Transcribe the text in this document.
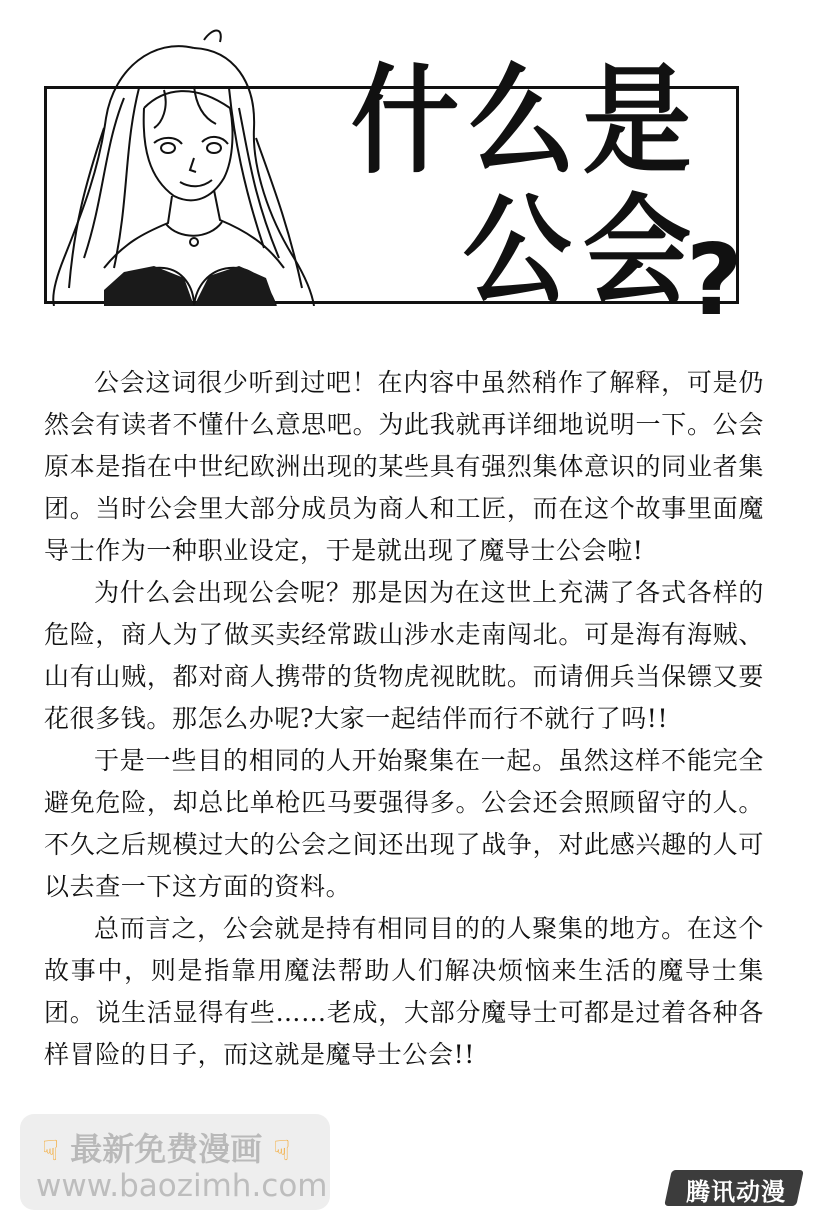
什 么 是
公 会
?

公会这词很少听到过吧！在内容中虽然稍作了解释，可是仍然会有读者不懂什么意思吧。为此我就再详细地说明一下。公会原本是指在中世纪欧洲出现的某些具有强烈集体意识的同业者集团。当时公会里大部分成员为商人和工匠，而在这个故事里面魔导士作为一种职业设定，于是就出现了魔导士公会啦!

为什么会出现公会呢？那是因为在这世上充满了各式各样的危险，商人为了做买卖经常跋山涉水走南闯北。可是海有海贼、山有山贼，都对商人携带的货物虎视眈眈。而请佣兵当保镖又要花很多钱。那怎么办呢?大家一起结伴而行不就行了吗!!

于是一些目的相同的人开始聚集在一起。虽然这样不能完全避免危险，却总比单枪匹马要强得多。公会还会照顾留守的人。不久之后规模过大的公会之间还出现了战争，对此感兴趣的人可以去查一下这方面的资料。

总而言之，公会就是持有相同目的的人聚集的地方。在这个故事中，则是指靠用魔法帮助人们解决烦恼来生活的魔导士集团。说生活显得有些……老成，大部分魔导士可都是过着各种各样冒险的日子，而这就是魔导士公会!!

☟ 最新免费漫画 ☟
www.baozimh.com	腾讯动漫
